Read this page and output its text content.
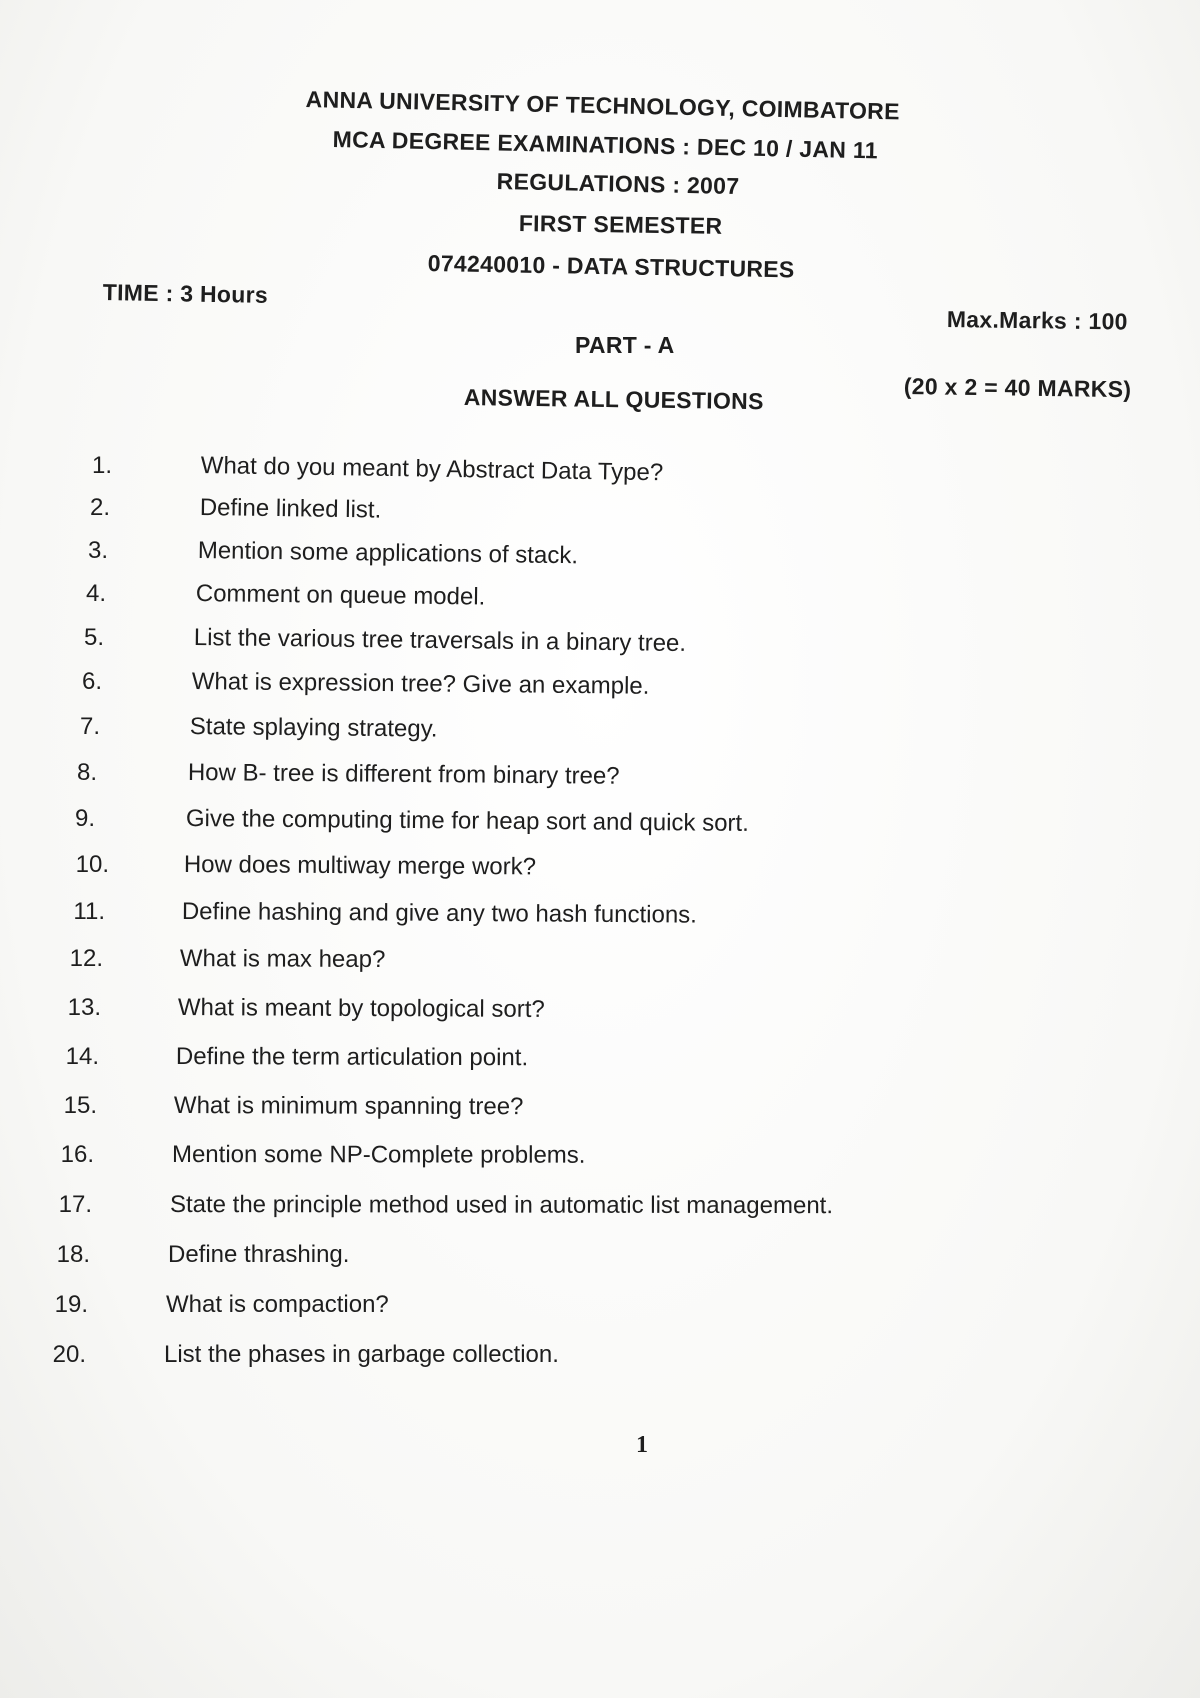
ANNA UNIVERSITY OF TECHNOLOGY, COIMBATORE
MCA DEGREE EXAMINATIONS : DEC 10 / JAN 11
REGULATIONS : 2007
FIRST SEMESTER
074240010 - DATA STRUCTURES
TIME : 3 Hours
Max.Marks : 100
PART - A
(20 x 2 = 40 MARKS)
ANSWER ALL QUESTIONS
1.	What do you meant by Abstract Data Type?
2.	Define linked list.
3.	Mention some applications of stack.
4.	Comment on queue model.
5.	List the various tree traversals in a binary tree.
6.	What is expression tree? Give an example.
7.	State splaying strategy.
8.	How B- tree is different from binary tree?
9.	Give the computing time for heap sort and quick sort.
10.	How does multiway merge work?
11.	Define hashing and give any two hash functions.
12.	What is max heap?
13.	What is meant by topological sort?
14.	Define the term articulation point.
15.	What is minimum spanning tree?
16.	Mention some NP-Complete problems.
17.	State the principle method used in automatic list management.
18.	Define thrashing.
19.	What is compaction?
20.	List the phases in garbage collection.
1
